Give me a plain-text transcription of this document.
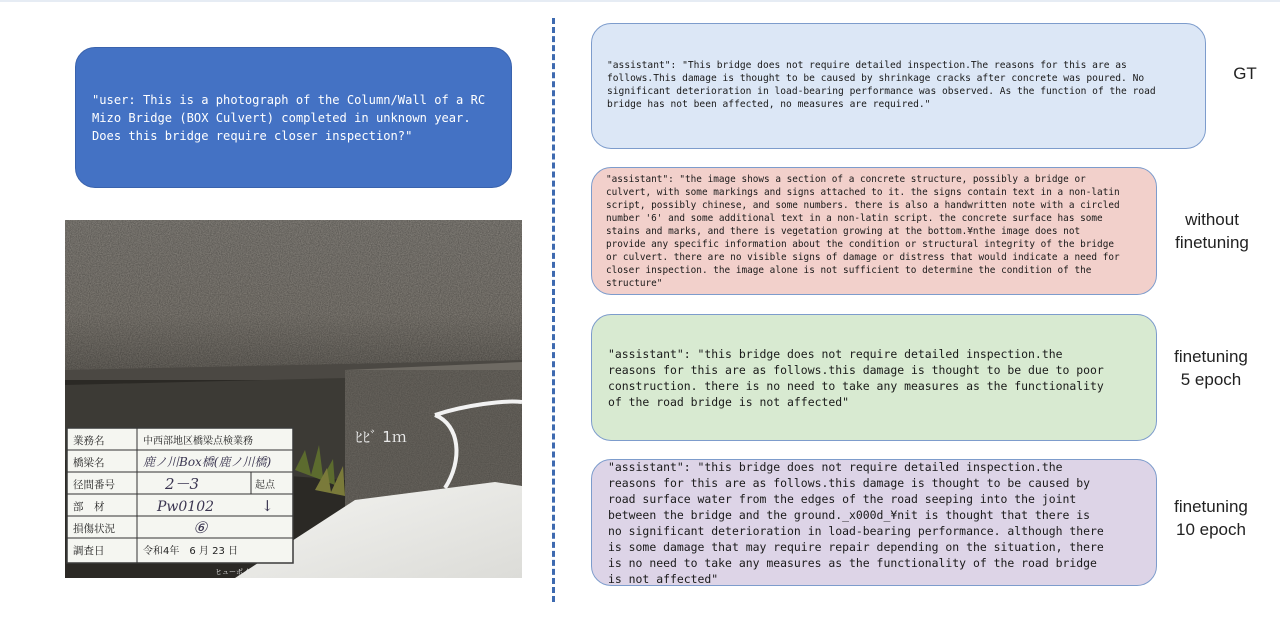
"user: This is a photograph of the Column/Wall of a RC
Mizo Bridge (BOX Culvert) completed in unknown year.
Does this bridge require closer inspection?"
ﾋﾋﾞ 1ｍ
業務名
橋梁名
径間番号
部　材
損傷状況
調査日
中西部地区橋梁点検業務
起点
令和4年　6 月 23 日
鹿ノ川Box橋(鹿ノ川橋)
2－3
Pw0102	↓
⑥
ヒューポイ
"assistant": "This bridge does not require detailed inspection.The reasons for this are as
follows.This damage is thought to be caused by shrinkage cracks after concrete was poured. No
significant deterioration in load-bearing performance was observed. As the function of the road
bridge has not been affected, no measures are required."
GT
"assistant": "the image shows a section of a concrete structure, possibly a bridge or
culvert, with some markings and signs attached to it. the signs contain text in a non-latin
script, possibly chinese, and some numbers. there is also a handwritten note with a circled
number '6' and some additional text in a non-latin script. the concrete surface has some
stains and marks, and there is vegetation growing at the bottom.¥nthe image does not
provide any specific information about the condition or structural integrity of the bridge
or culvert. there are no visible signs of damage or distress that would indicate a need for
closer inspection. the image alone is not sufficient to determine the condition of the
structure"
without
finetuning
"assistant": "this bridge does not require detailed inspection.the
reasons for this are as follows.this damage is thought to be due to poor
construction. there is no need to take any measures as the functionality
of the road bridge is not affected"
finetuning
5 epoch
"assistant": "this bridge does not require detailed inspection.the
reasons for this are as follows.this damage is thought to be caused by
road surface water from the edges of the road seeping into the joint
between the bridge and the ground._x000d_¥nit is thought that there is
no significant deterioration in load-bearing performance. although there
is some damage that may require repair depending on the situation, there
is no need to take any measures as the functionality of the road bridge
is not affected"
finetuning
10 epoch
